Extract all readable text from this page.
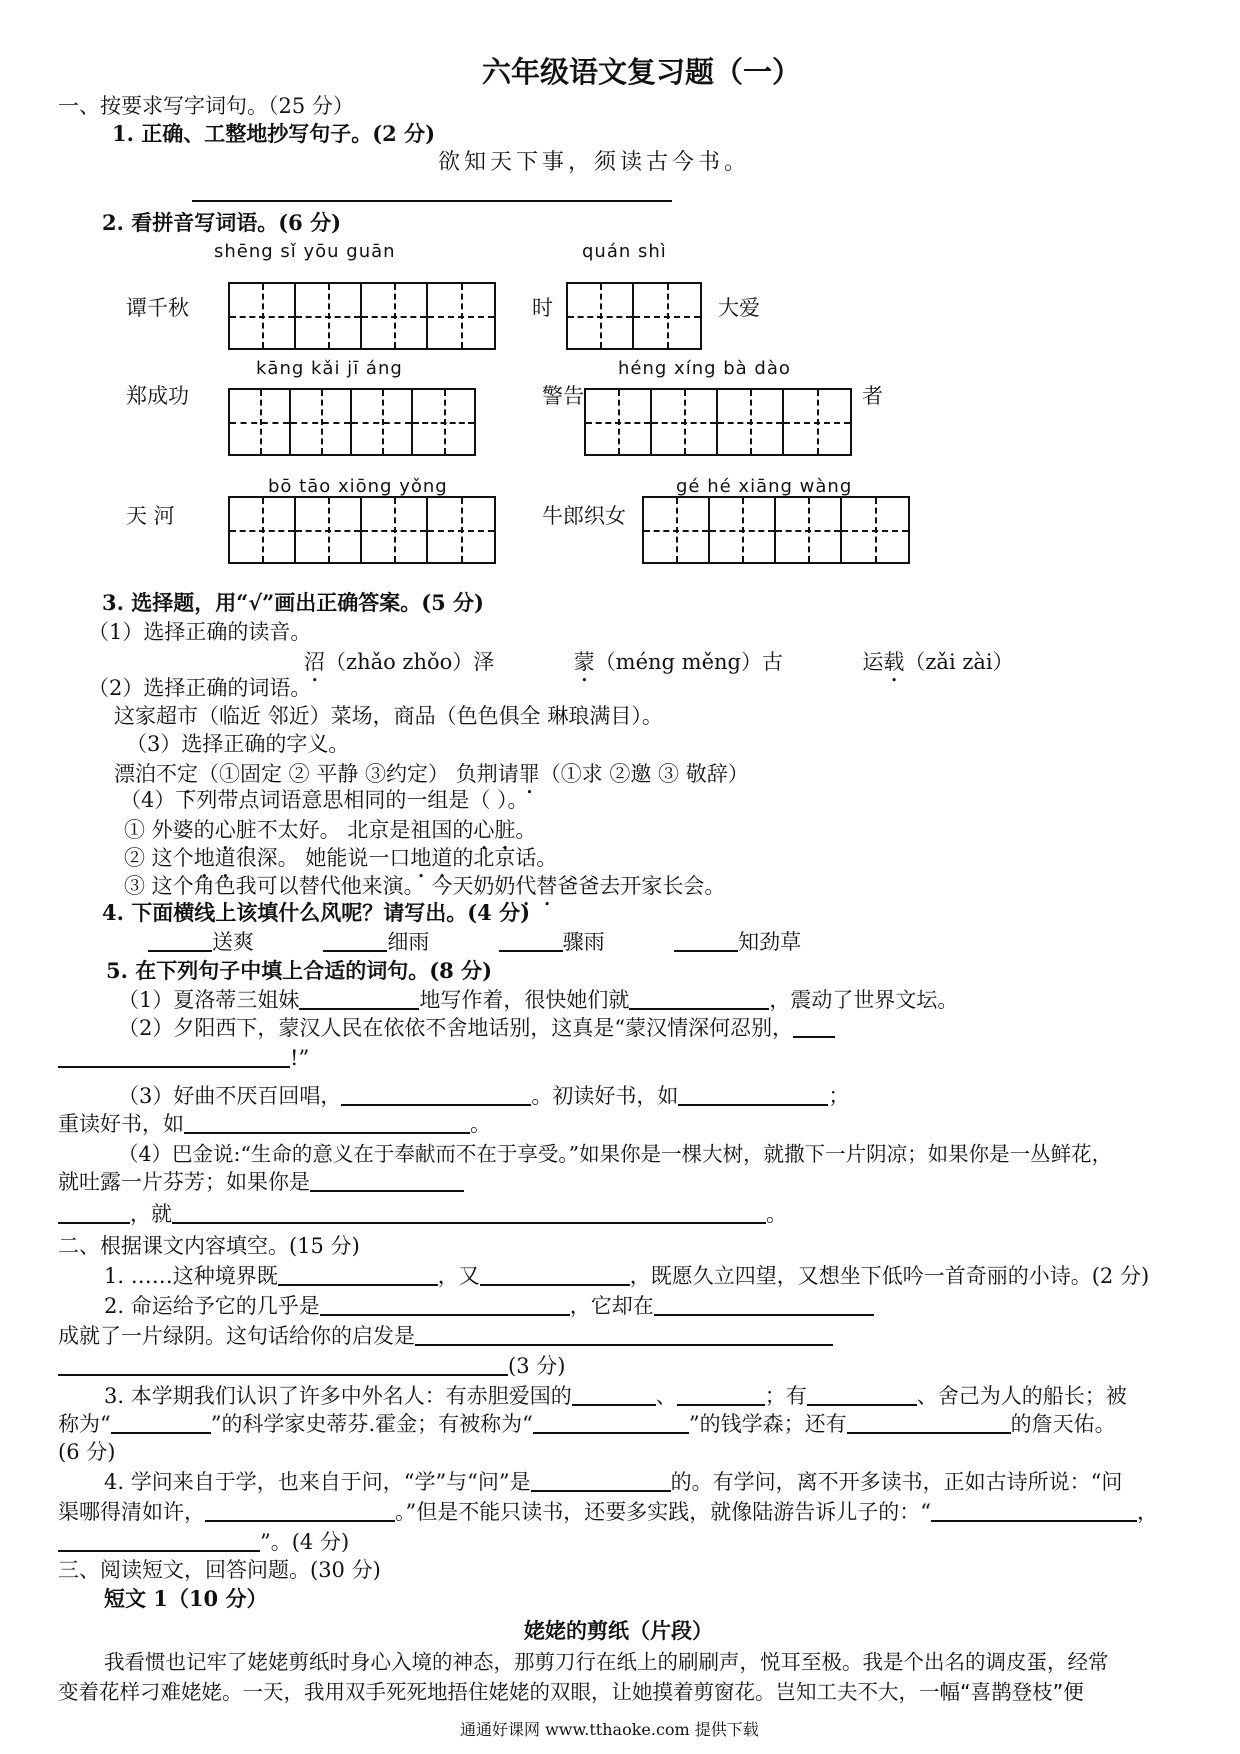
六年级语文复习题（一）
一、按要求写字词句。（25 分）
1. 正确、工整地抄写句子。(2 分)
欲知天下事，须读古今书。
2. 看拼音写词语。(6 分)
shēng sǐ yōu guān	quán shì
谭千秋	时	大爱
kāng kǎi jī áng	héng xíng bà dào
郑成功	警告	者
bō tāo xiōng yǒng	gé hé xiāng wàng
天 河	牛郎织女
3. 选择题，用“√”画出正确答案。(5 分)
（1）选择正确的读音。
沼（zhǎo zhǒo）泽	蒙（méng měng）古	运载（zǎi zài）
（2）选择正确的词语。
这家超市（临近 邻近）菜场，商品（色色俱全 琳琅满目）。
（3）选择正确的字义。
漂泊不定（①固定 ② 平静 ③约定） 负荆请罪（①求 ②邀 ③ 敬辞）
（4）下列带点词语意思相同的一组是（ ）。
① 外婆的心脏不太好。 北京是祖国的心脏。
② 这个地道很深。 她能说一口地道的北京话。
③ 这个角色我可以替代他来演。 今天奶奶代替爸爸去开家长会。
4. 下面横线上该填什么风呢？请写出。(4 分)
送爽	细雨	骤雨	知劲草
5. 在下列句子中填上合适的词句。(8 分)
（1）夏洛蒂三姐妹	地写作着，很快她们就	，震动了世界文坛。
（2）夕阳西下，蒙汉人民在依依不舍地话别，这真是“蒙汉情深何忍别，
!”
（3）好曲不厌百回唱，	。初读好书，如	；
重读好书，如	。
（4）巴金说:“生命的意义在于奉献而不在于享受。”如果你是一棵大树，就撒下一片阴凉；如果你是一丛鲜花，
就吐露一片芬芳；如果你是
，就	。
二、根据课文内容填空。(15 分)
1. ……这种境界既	，又	，既愿久立四望，又想坐下低吟一首奇丽的小诗。(2 分)
2. 命运给予它的几乎是	，它却在
成就了一片绿阴。这句话给你的启发是
(3 分)
3. 本学期我们认识了许多中外名人：有赤胆爱国的	、	；有	、舍己为人的船长；被
称为“	”的科学家史蒂芬.霍金；有被称为“	”的钱学森；还有	的詹天佑。
(6 分)
4. 学问来自于学，也来自于问，“学”与“问”是	的。有学问，离不开多读书，正如古诗所说：“问
渠哪得清如许，	。”但是不能只读书，还要多实践，就像陆游告诉儿子的：“	，
”。(4 分)
三、阅读短文，回答问题。(30 分)
短文 1（10 分）
姥姥的剪纸（片段）
我看惯也记牢了姥姥剪纸时身心入境的神态，那剪刀行在纸上的刷刷声，悦耳至极。我是个出名的调皮蛋，经常
变着花样刁难姥姥。一天，我用双手死死地捂住姥姥的双眼，让她摸着剪窗花。岂知工夫不大，一幅“喜鹊登枝”便
通通好课网 www.tthaoke.com 提供下载
